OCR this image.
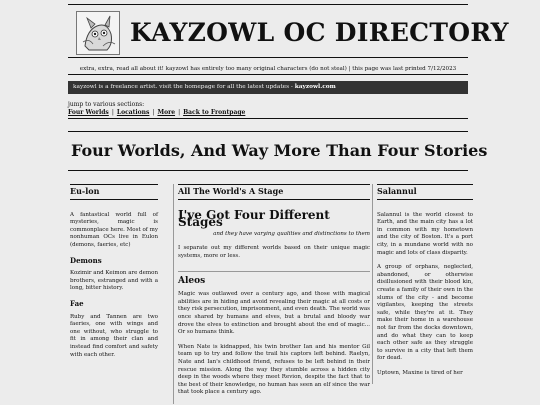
KAYZOWL OC DIRECTORY
extra, extra, read all about it! kayzowl has entirely too many original characters (do not steal) | this page was last printed 7/12/2023
kayzowl is a freelance artist. visit the homepage for all the latest updates - kayzowl.com
jump to various sections:
Four Worlds | Locations | More | Back to Frontpage
Four Worlds, And Way More Than Four Stories
Eu-lon

A fantastical world full of mysteries, magic is commonplace here. Most of my nonhuman OCs live in Eulon (demons, faeries, etc)

Demons

Kozimir and Keimon are demon brothers, estranged and with a long, bitter history.

Fae

Ruby and Tannen are two faeries, one with wings and one without, who struggle to fit in among their clan and instead find comfort and safety with each other.

All The World's A Stage
I've Got Four Different Stages

and they have varying qualities and distinctions to them

I separate out my different worlds based on their unique magic systems, more or less.

Aleos

Magic was outlawed over a century ago, and those with magical abilities are in hiding and avoid revealing their magic at all costs or they risk persecution, imprisonment, and even death. The world was once shared by humans and elves, but a brutal and bloody war drove the elves to extinction and brought about the end of magic... Or so humans think.

When Nate is kidnapped, his twin brother Ian and his mentor Gil team up to try and follow the trail his captors left behind. Raelyn, Nate and Ian's childhood friend, refuses to be left behind in their rescue mission. Along the way they stumble across a hidden city deep in the woods where they meet Revion, despite the fact that to the best of their knowledge, no human has seen an elf since the war that took place a century ago.

Salannul

Salannul is the world closest to Earth, and the main city has a lot in common with my hometown and the city of Boston. It's a port city, in a mundane world with no magic and lots of class disparity.

A group of orphans, neglected, abandoned, or otherwise disillusioned with their blood kin, create a family of their own in the slums of the city - and become vigilantes, keeping the streets safe, while they're at it. They make their home in a warehouse not far from the docks downtown, and do what they can to keep each other safe as they struggle to survive in a city that left them for dead.

Uptown, Maxine is tired of her
